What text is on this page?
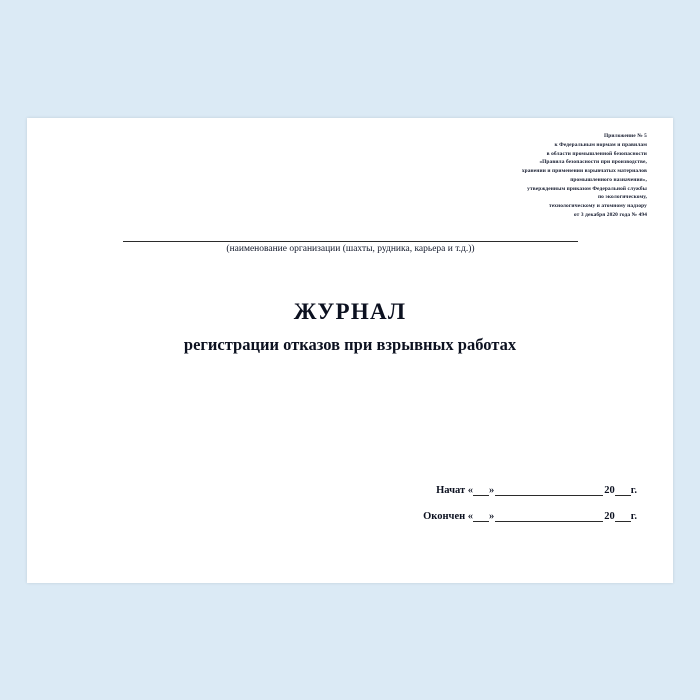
Приложение № 5
к Федеральным нормам и правилам
в области промышленной безопасности
«Правила безопасности при производстве,
хранении и применении взрывчатых материалов
промышленного назначения»,
утвержденным приказом Федеральной службы
по экологическому,
технологическому и атомному надзору
от 3 декабря 2020 года № 494
(наименование организации (шахты, рудника, карьера и т.д.))
ЖУРНАЛ
регистрации отказов при взрывных работах
Начат « »	20 г.
Окончен « »	20 г.
